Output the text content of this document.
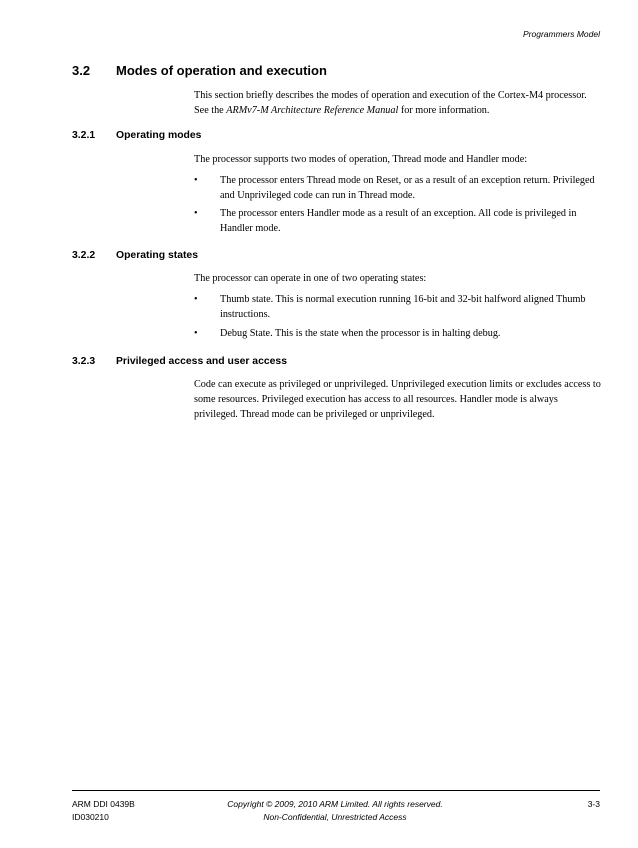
Programmers Model
3.2	Modes of operation and execution

This section briefly describes the modes of operation and execution of the Cortex-M4 processor.
See the ARMv7-M Architecture Reference Manual for more information.

3.2.1	Operating modes

The processor supports two modes of operation, Thread mode and Handler mode:

•	The processor enters Thread mode on Reset, or as a result of an exception return. Privileged and Unprivileged code can run in Thread mode.
•	The processor enters Handler mode as a result of an exception. All code is privileged in Handler mode.
3.2.2	Operating states

The processor can operate in one of two operating states:

•	Thumb state. This is normal execution running 16-bit and 32-bit halfword aligned Thumb instructions.
•	Debug State. This is the state when the processor is in halting debug.
3.2.3	Privileged access and user access

Code can execute as privileged or unprivileged. Unprivileged execution limits or excludes access to some resources. Privileged execution has access to all resources. Handler mode is always privileged. Thread mode can be privileged or unprivileged.

ARM DDI 0439B
ID030210
Copyright © 2009, 2010 ARM Limited. All rights reserved.
Non-Confidential, Unrestricted Access
3-3
